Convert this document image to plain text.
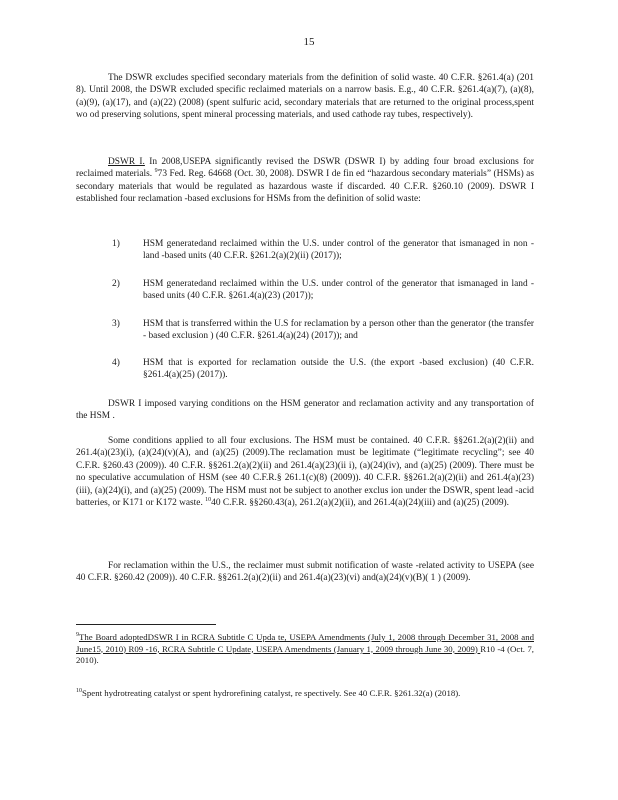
15

The DSWR excludes specified secondary materials from the definition of solid waste. 40 C.F.R. §261.4(a) (201 8). Until 2008, the DSWR excluded specific reclaimed materials on a narrow basis. E.g., 40 C.F.R. §261.4(a)(7), (a)(8), (a)(9), (a)(17), and (a)(22) (2008) (spent sulfuric acid, secondary materials that are returned to the original process,spent wo od preserving solutions, spent mineral processing materials, and used cathode ray tubes, respectively).

DSWR I. In 2008,USEPA significantly revised the DSWR (DSWR I) by adding four broad exclusions for reclaimed materials. $^9$73 Fed. Reg. 64668 (Oct. 30, 2008). DSWR I de fin ed “hazardous secondary materials” (HSMs) as secondary materials that would be regulated as hazardous waste if discarded. 40 C.F.R. §260.10 (2009). DSWR I established four reclamation -based exclusions for HSMs from the definition of solid waste:

1) HSM generatedand reclaimed within the U.S. under control of the generator that ismanaged in non -land -based units (40 C.F.R. §261.2(a)(2)(ii) (2017));
2) HSM generatedand reclaimed within the U.S. under control of the generator that ismanaged in land -based units (40 C.F.R. §261.4(a)(23) (2017));
3) HSM that is transferred within the U.S for reclamation by a person other than the generator (the transfer - based exclusion ) (40 C.F.R. §261.4(a)(24) (2017)); and
4) HSM that is exported for reclamation outside the U.S. (the export -based exclusion) (40 C.F.R. §261.4(a)(25) (2017)).

DSWR I imposed varying conditions on the HSM generator and reclamation activity and any transportation of the HSM .

Some conditions applied to all four exclusions. The HSM must be contained. 40 C.F.R. §§261.2(a)(2)(ii) and 261.4(a)(23)(i), (a)(24)(v)(A), and (a)(25) (2009).The reclamation must be legitimate (“legitimate recycling”; see 40 C.F.R. §260.43 (2009)). 40 C.F.R. §§261.2(a)(2)(ii) and 261.4(a)(23)(ii i), (a)(24)(iv), and (a)(25) (2009). There must be no speculative accumulation of HSM (see 40 C.F.R.§ 261.1(c)(8) (2009)). 40 C.F.R. §§261.2(a)(2)(ii) and 261.4(a)(23)(iii), (a)(24)(i), and (a)(25) (2009). The HSM must not be subject to another exclus ion under the DSWR, spent lead -acid batteries, or K171 or K172 waste. $^{10}$40 C.F.R. §§260.43(a), 261.2(a)(2)(ii), and 261.4(a)(24)(iii) and (a)(25) (2009).

For reclamation within the U.S., the reclaimer must submit notification of waste -related activity to USEPA (see 40 C.F.R. §260.42 (2009)). 40 C.F.R. §§261.2(a)(2)(ii) and 261.4(a)(23)(vi) and(a)(24)(v)(B)( 1 ) (2009).

$^9$The Board adoptedDSWR I in RCRA Subtitle C Upda te, USEPA Amendments (July 1, 2008 through December 31, 2008 and June15, 2010) R09 -16, RCRA Subtitle C Update, USEPA Amendments (January 1, 2009 through June 30, 2009) R10 -4 (Oct. 7, 2010).

$^{10}$Spent hydrotreating catalyst or spent hydrorefining catalyst, re spectively. See 40 C.F.R. §261.32(a) (2018).
